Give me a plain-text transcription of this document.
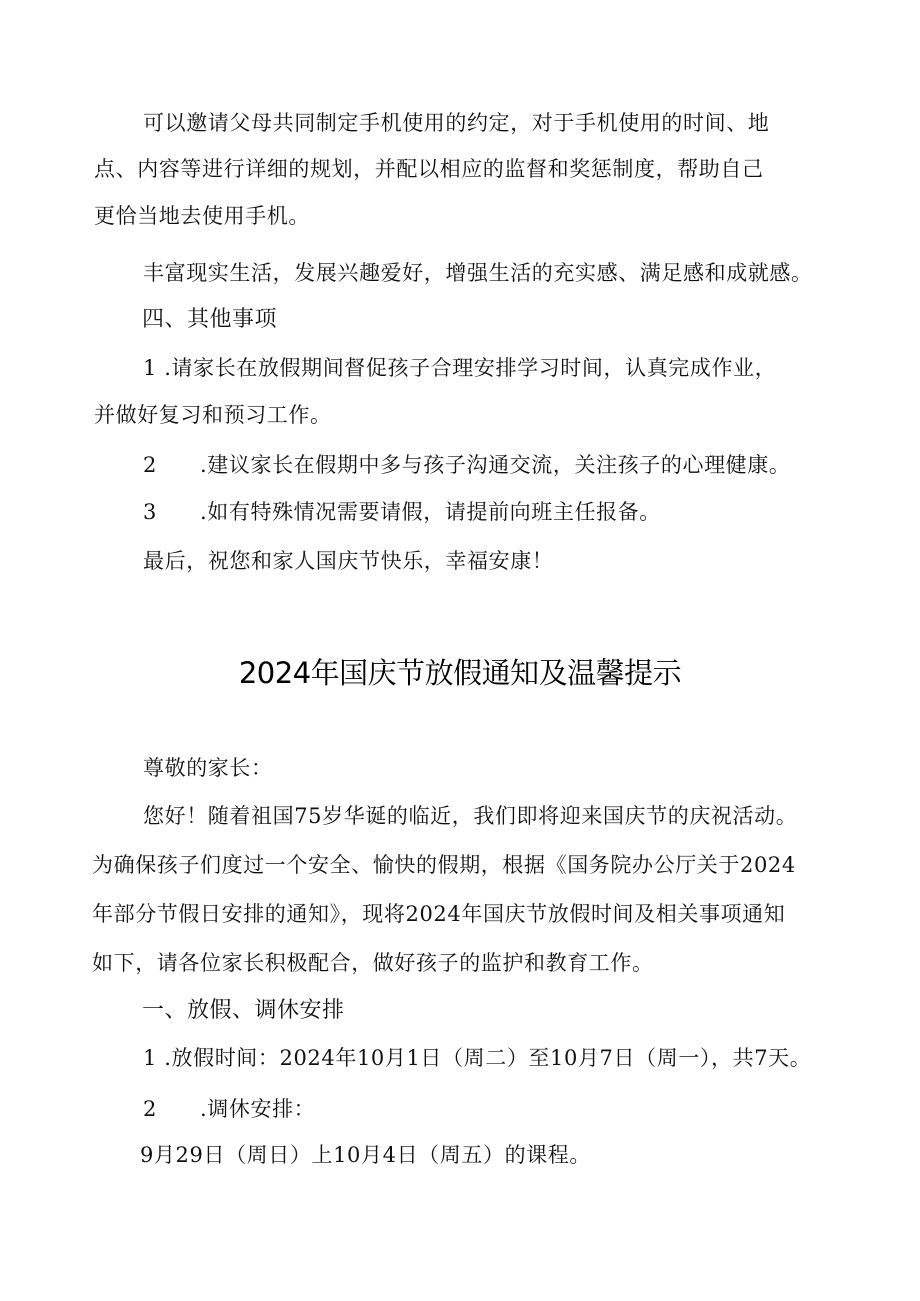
可以邀请父母共同制定手机使用的约定，对于手机使用的时间、地
点、内容等进行详细的规划，并配以相应的监督和奖惩制度，帮助自己
更恰当地去使用手机。
丰富现实生活，发展兴趣爱好，增强生活的充实感、满足感和成就感。
四、其他事项
1 .请家长在放假期间督促孩子合理安排学习时间，认真完成作业，
并做好复习和预习工作。
2 .建议家长在假期中多与孩子沟通交流，关注孩子的心理健康。
3 .如有特殊情况需要请假，请提前向班主任报备。
最后，祝您和家人国庆节快乐，幸福安康！
2024年国庆节放假通知及温馨提示
尊敬的家长：
您好！随着祖国75岁华诞的临近，我们即将迎来国庆节的庆祝活动。
为确保孩子们度过一个安全、愉快的假期，根据《国务院办公厅关于2024
年部分节假日安排的通知》，现将2024年国庆节放假时间及相关事项通知
如下，请各位家长积极配合，做好孩子的监护和教育工作。
一、放假、调休安排
1 .放假时间：2024年10月1日（周二）至10月7日（周一），共7天。
2 .调休安排：
9月29日（周日）上10月4日（周五）的课程。
